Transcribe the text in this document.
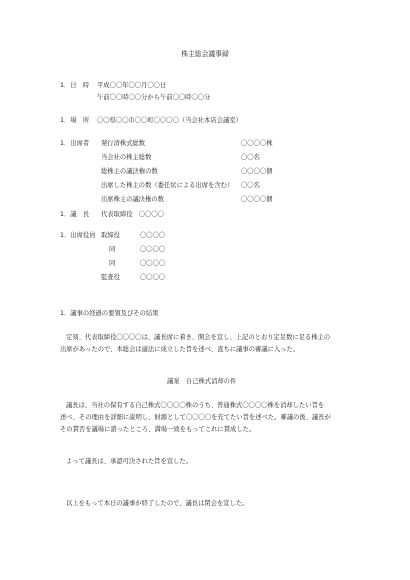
株主総会議事録
1．日　時 平成〇〇年〇〇月〇〇日
午前〇〇時〇〇分から午前〇〇時〇〇分
1．場　所 〇〇県〇〇市〇〇町〇〇〇〇（当会社本店会議室）
1．出席者 発行済株式総数	〇〇〇〇株
当会社の株主総数	〇〇名
総株主の議決権の数	〇〇〇〇個
出席した株主の数（委任状による出席を含む） 〇〇名
出席株主の議決権の数	〇〇〇〇個
1．議　長 代表取締役　〇〇〇〇
1．出席役員 取締役	〇〇〇〇
同	〇〇〇〇
同	〇〇〇〇
監査役	〇〇〇〇
1．議事の経過の要領及びその結果
定刻、代表取締役〇〇〇〇は、議長席に着き、開会を宣し、上記のとおり定足数に足る株主の
出席があったので、本総会は適法に成立した旨を述べ、直ちに議事の審議に入った。
議案　自己株式消却の件
議長は、当社の保有する自己株式〇〇〇〇株のうち、普通株式〇〇〇〇株を消却したい旨を
述べ、その理由を詳細に説明し、財源として〇〇〇〇を充てたい旨を述べた。審議の後、議長が
その賛否を議場に諮ったところ、満場一致をもってこれに賛成した。
よって議長は、承認可決された旨を宣した。
以上をもって本日の議事が終了したので、議長は閉会を宣した。
